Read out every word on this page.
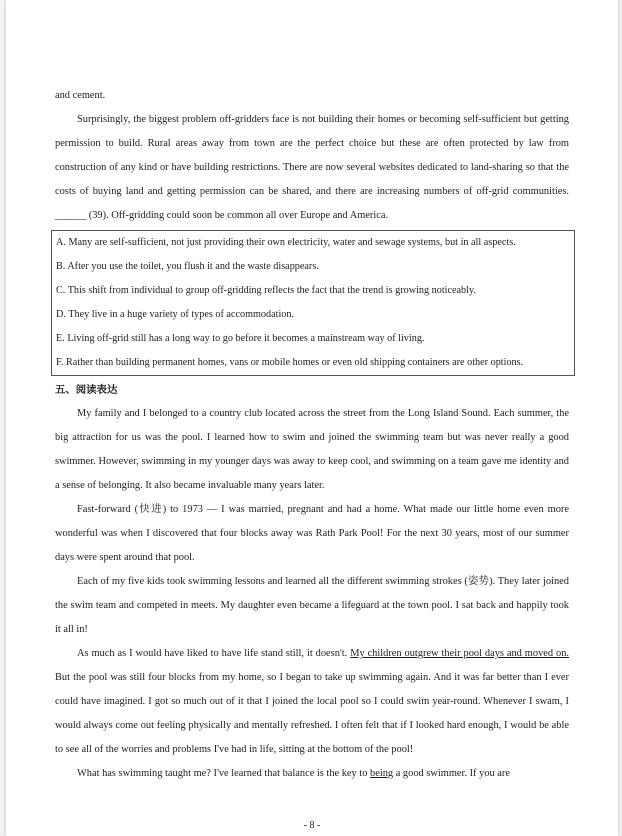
and cement.

Surprisingly, the biggest problem off-gridders face is not building their homes or becoming self-sufficient but getting permission to build. Rural areas away from town are the perfect choice but these are often protected by law from construction of any kind or have building restrictions. There are now several websites dedicated to land-sharing so that the costs of buying land and getting permission can be shared, and there are increasing numbers of off-grid communities. ______ (39). Off-gridding could soon be common all over Europe and America.

A. Many are self-sufficient, not just providing their own electricity, water and sewage systems, but in all aspects.
B. After you use the toilet, you flush it and the waste disappears.
C. This shift from individual to group off-gridding reflects the fact that the trend is growing noticeably.
D. They live in a huge variety of types of accommodation.
E. Living off-grid still has a long way to go before it becomes a mainstream way of living.
F. Rather than building permanent homes, vans or mobile homes or even old shipping containers are other options.

五、阅读表达

My family and I belonged to a country club located across the street from the Long Island Sound. Each summer, the big attraction for us was the pool. I learned how to swim and joined the swimming team but was never really a good swimmer. However, swimming in my younger days was away to keep cool, and swimming on a team gave me identity and a sense of belonging. It also became invaluable many years later.

Fast-forward (快进) to 1973 — I was married, pregnant and had a home. What made our little home even more wonderful was when I discovered that four blocks away was Rath Park Pool! For the next 30 years, most of our summer days were spent around that pool.

Each of my five kids took swimming lessons and learned all the different swimming strokes (姿势). They later joined the swim team and competed in meets. My daughter even became a lifeguard at the town pool. I sat back and happily took it all in!

As much as I would have liked to have life stand still, it doesn't. My children outgrew their pool days and moved on. But the pool was still four blocks from my home, so I began to take up swimming again. And it was far better than I ever could have imagined. I got so much out of it that I joined the local pool so I could swim year-round. Whenever I swam, I would always come out feeling physically and mentally refreshed. I often felt that if I looked hard enough, I would be able to see all of the worries and problems I've had in life, sitting at the bottom of the pool!

What has swimming taught me? I've learned that balance is the key to being a good swimmer. If you are

- 8 -
